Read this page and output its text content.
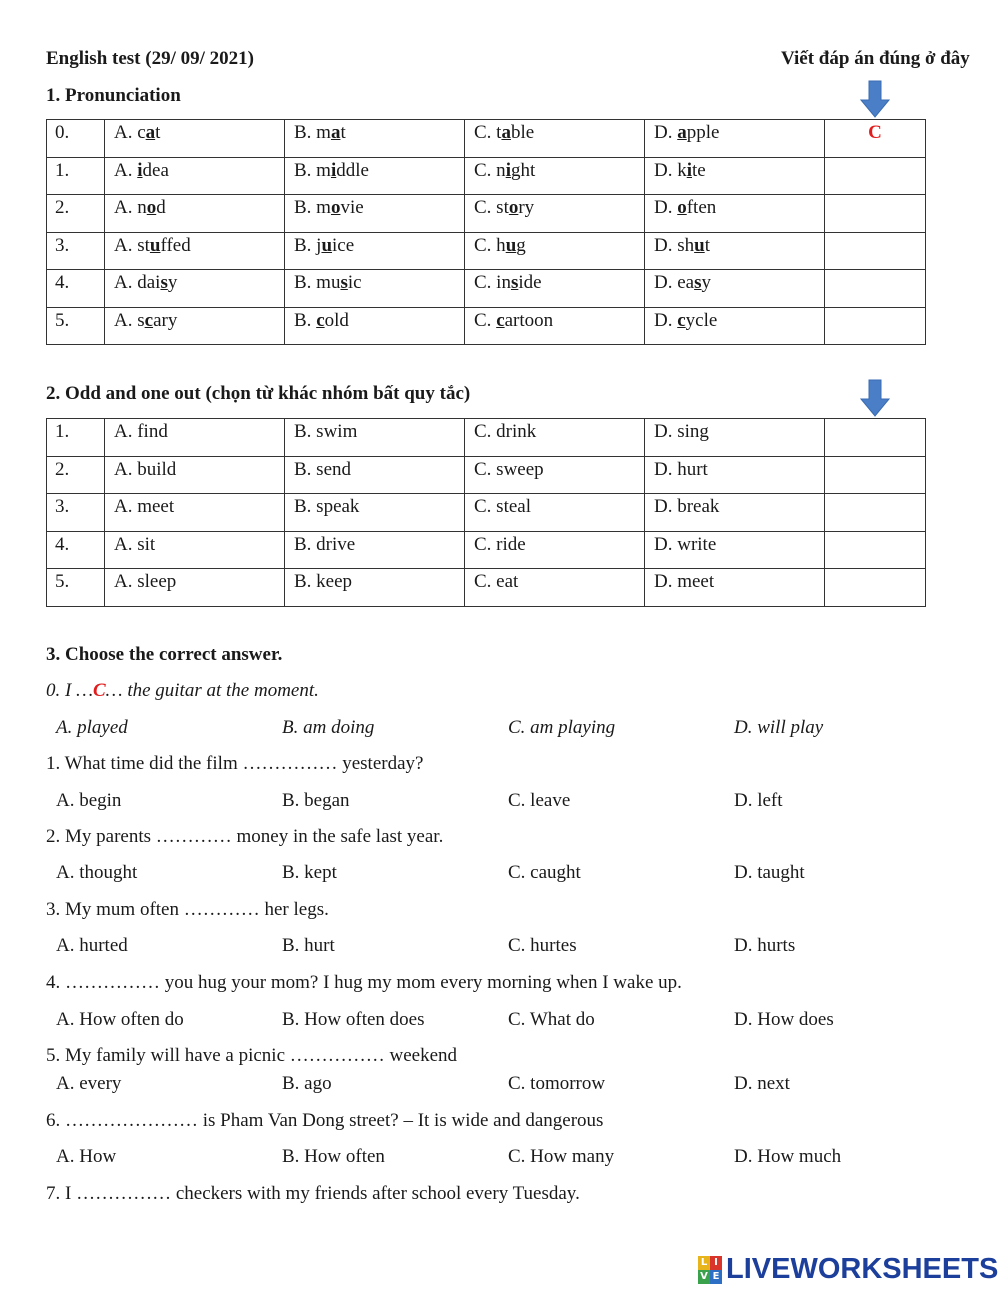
English test (29/ 09/ 2021)	Viết đáp án đúng ở đây
1. Pronunciation
0.	A. cat	B. mat	C. table	D. apple	C
1.	A. idea	B. middle	C. night	D. kite	
2.	A. nod	B. movie	C. story	D. often	
3.	A. stuffed	B. juice	C. hug	D. shut	
4.	A. daisy	B. music	C. inside	D. easy	
5.	A. scary	B. cold	C. cartoon	D. cycle	
2. Odd and one out (chọn từ khác nhóm bất quy tắc)
1.	A. find	B. swim	C. drink	D. sing	
2.	A. build	B. send	C. sweep	D. hurt	
3.	A. meet	B. speak	C. steal	D. break	
4.	A. sit	B. drive	C. ride	D. write	
5.	A. sleep	B. keep	C. eat	D. meet	
3. Choose the correct answer.
0. I …C… the guitar at the moment.
A. played	B. am doing	C. am playing	D. will play
1. What time did the film …………… yesterday?
A. begin	B. began	C. leave	D. left
2. My parents ………… money in the safe last year.
A. thought	B. kept	C. caught	D. taught
3. My mum often ………… her legs.
A. hurted	B. hurt	C. hurtes	D. hurts
4. …………… you hug your mom? I hug my mom every morning when I wake up.
A. How often do	B. How often does	C. What do	D. How does
5. My family will have a picnic …………… weekend
A. every	B. ago	C. tomorrow	D. next
6. ………………… is Pham Van Dong street? – It is wide and dangerous
A. How	B. How often	C. How many	D. How much
7. I …………… checkers with my friends after school every Tuesday.
L I
V E LIVEWORKSHEETS
